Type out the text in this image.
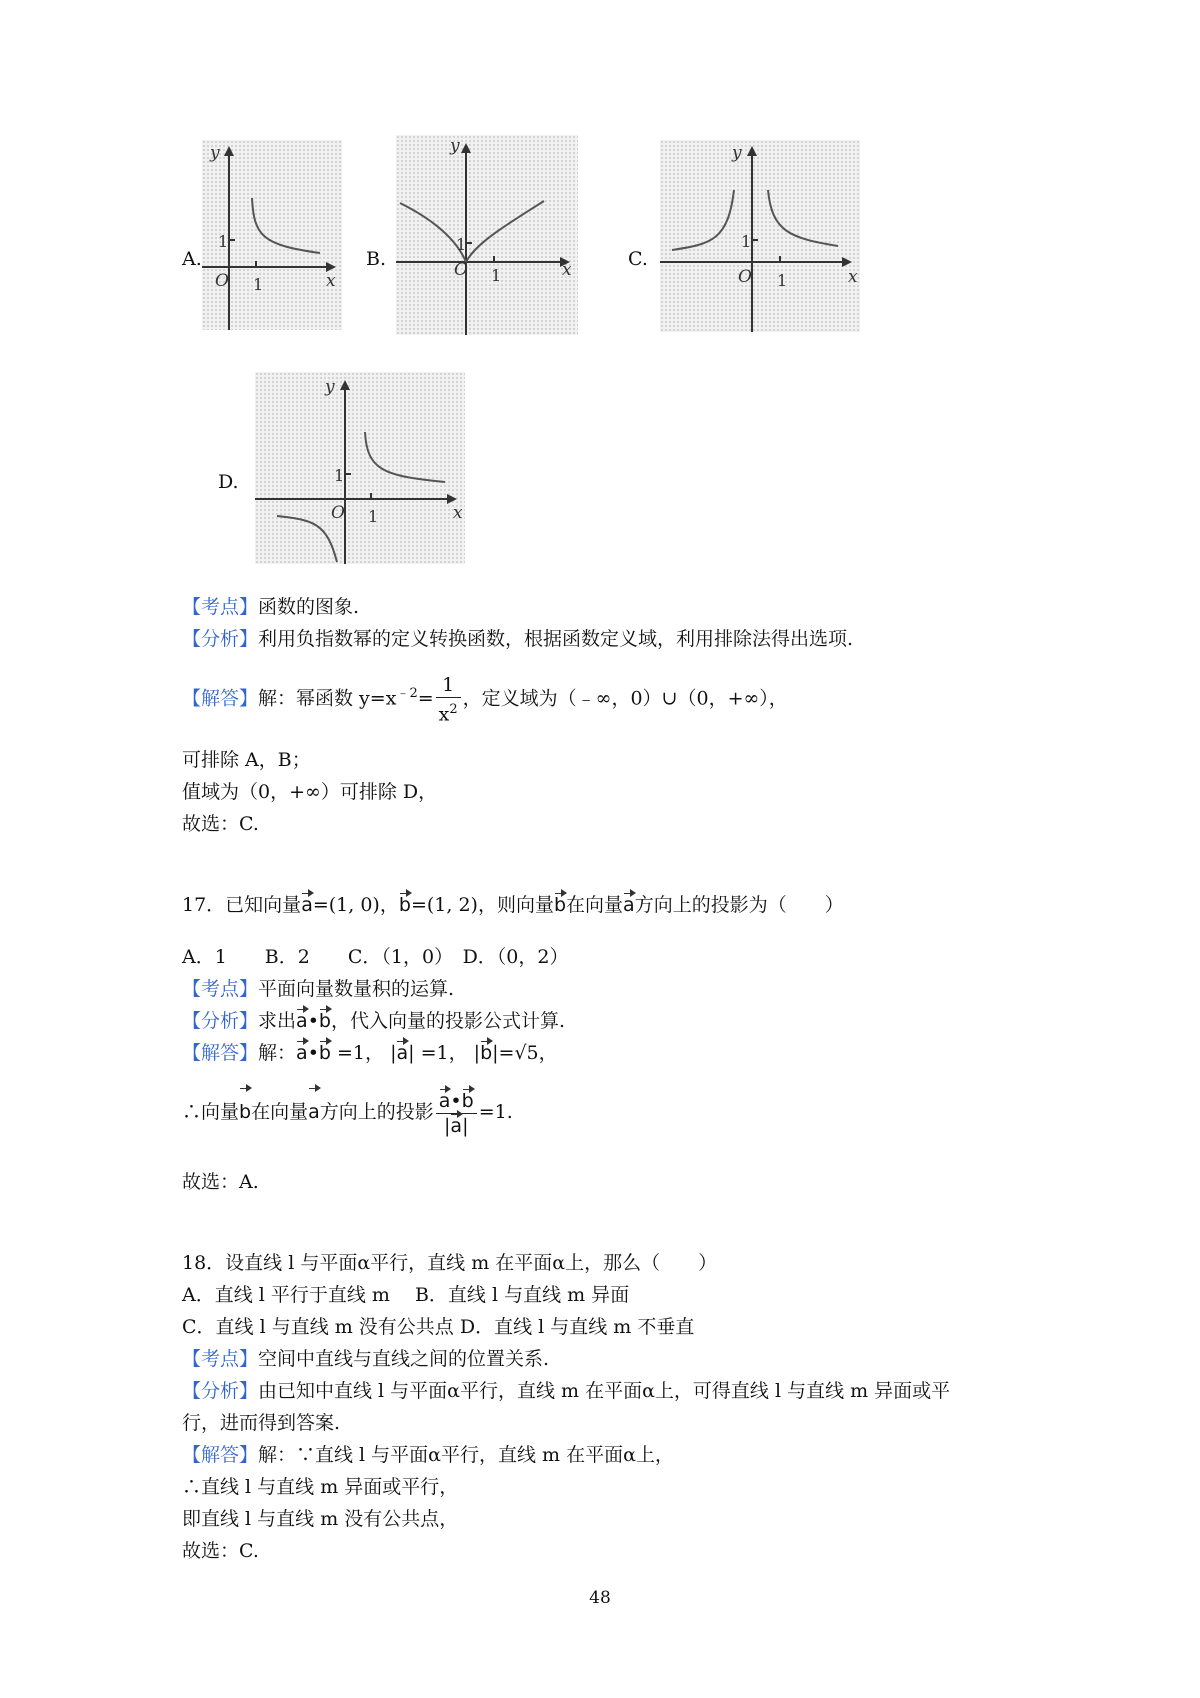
A.
y
x
O 1
1
B.
y
x
O 1
1
C.
y
x
O 1
1
D.
y
x
O 1
1
【考点】函数的图象.
【分析】利用负指数幂的定义转换函数，根据函数定义域，利用排除法得出选项.
【解答】解：幂函数 $y=x^{﹣2}= \frac{1}{x^2}$ ，定义域为（﹣∞，0）∪（0，+∞），
可排除 A，B；
值域为（0，+∞）可排除 D，
故选：C.
17．已知向量a=(1, 0)，b=(1, 2)，则向量b在向量a方向上的投影为（　　）
A．1　　B．2　　C．（1，0）　D．（0，2）
【考点】平面向量数量积的运算.
【分析】求出a•b，代入向量的投影公式计算.
【解答】解：a•b =1， |a| =1， |b|=√5，
∴向量b在向量a方向上的投影 $\frac{a•b}{|a|} =1$.
故选：A.
18．设直线 l 与平面α平行，直线 m 在平面α上，那么（　　）
A．直线 l 平行于直线 m　 B．直线 l 与直线 m 异面
C．直线 l 与直线 m 没有公共点 D．直线 l 与直线 m 不垂直
【考点】空间中直线与直线之间的位置关系.
【分析】由已知中直线 l 与平面α平行，直线 m 在平面α上，可得直线 l 与直线 m 异面或平
行，进而得到答案.
【解答】解：∵直线 l 与平面α平行，直线 m 在平面α上，
∴直线 l 与直线 m 异面或平行，
即直线 l 与直线 m 没有公共点，
故选：C.
48
